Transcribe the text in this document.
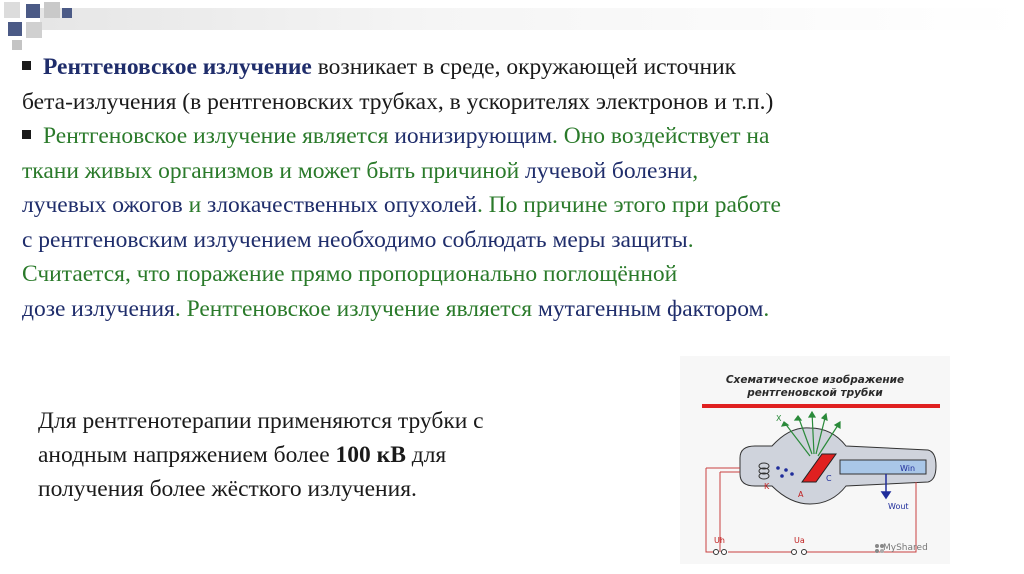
Рентгеновское излучение возникает в среде, окружающей источник
бета-излучения (в рентгеновских трубках, в ускорителях электронов и т.п.)
Рентгеновское излучение является ионизирующим. Оно воздействует на
ткани живых организмов и может быть причиной лучевой болезни,
лучевых ожогов и злокачественных опухолей. По причине этого при работе
с рентгеновским излучением необходимо соблюдать меры защиты.
Считается, что поражение прямо пропорционально поглощённой
дозе излучения. Рентгеновское излучение является мутагенным фактором.
Для рентгенотерапии применяются трубки с
анодным напряжением более 100 кВ для
получения более жёсткого излучения.
Схематическое изображение
рентгеновской трубки
X
K
A
C
Win
Wout
Uh	Ua
MyShared
